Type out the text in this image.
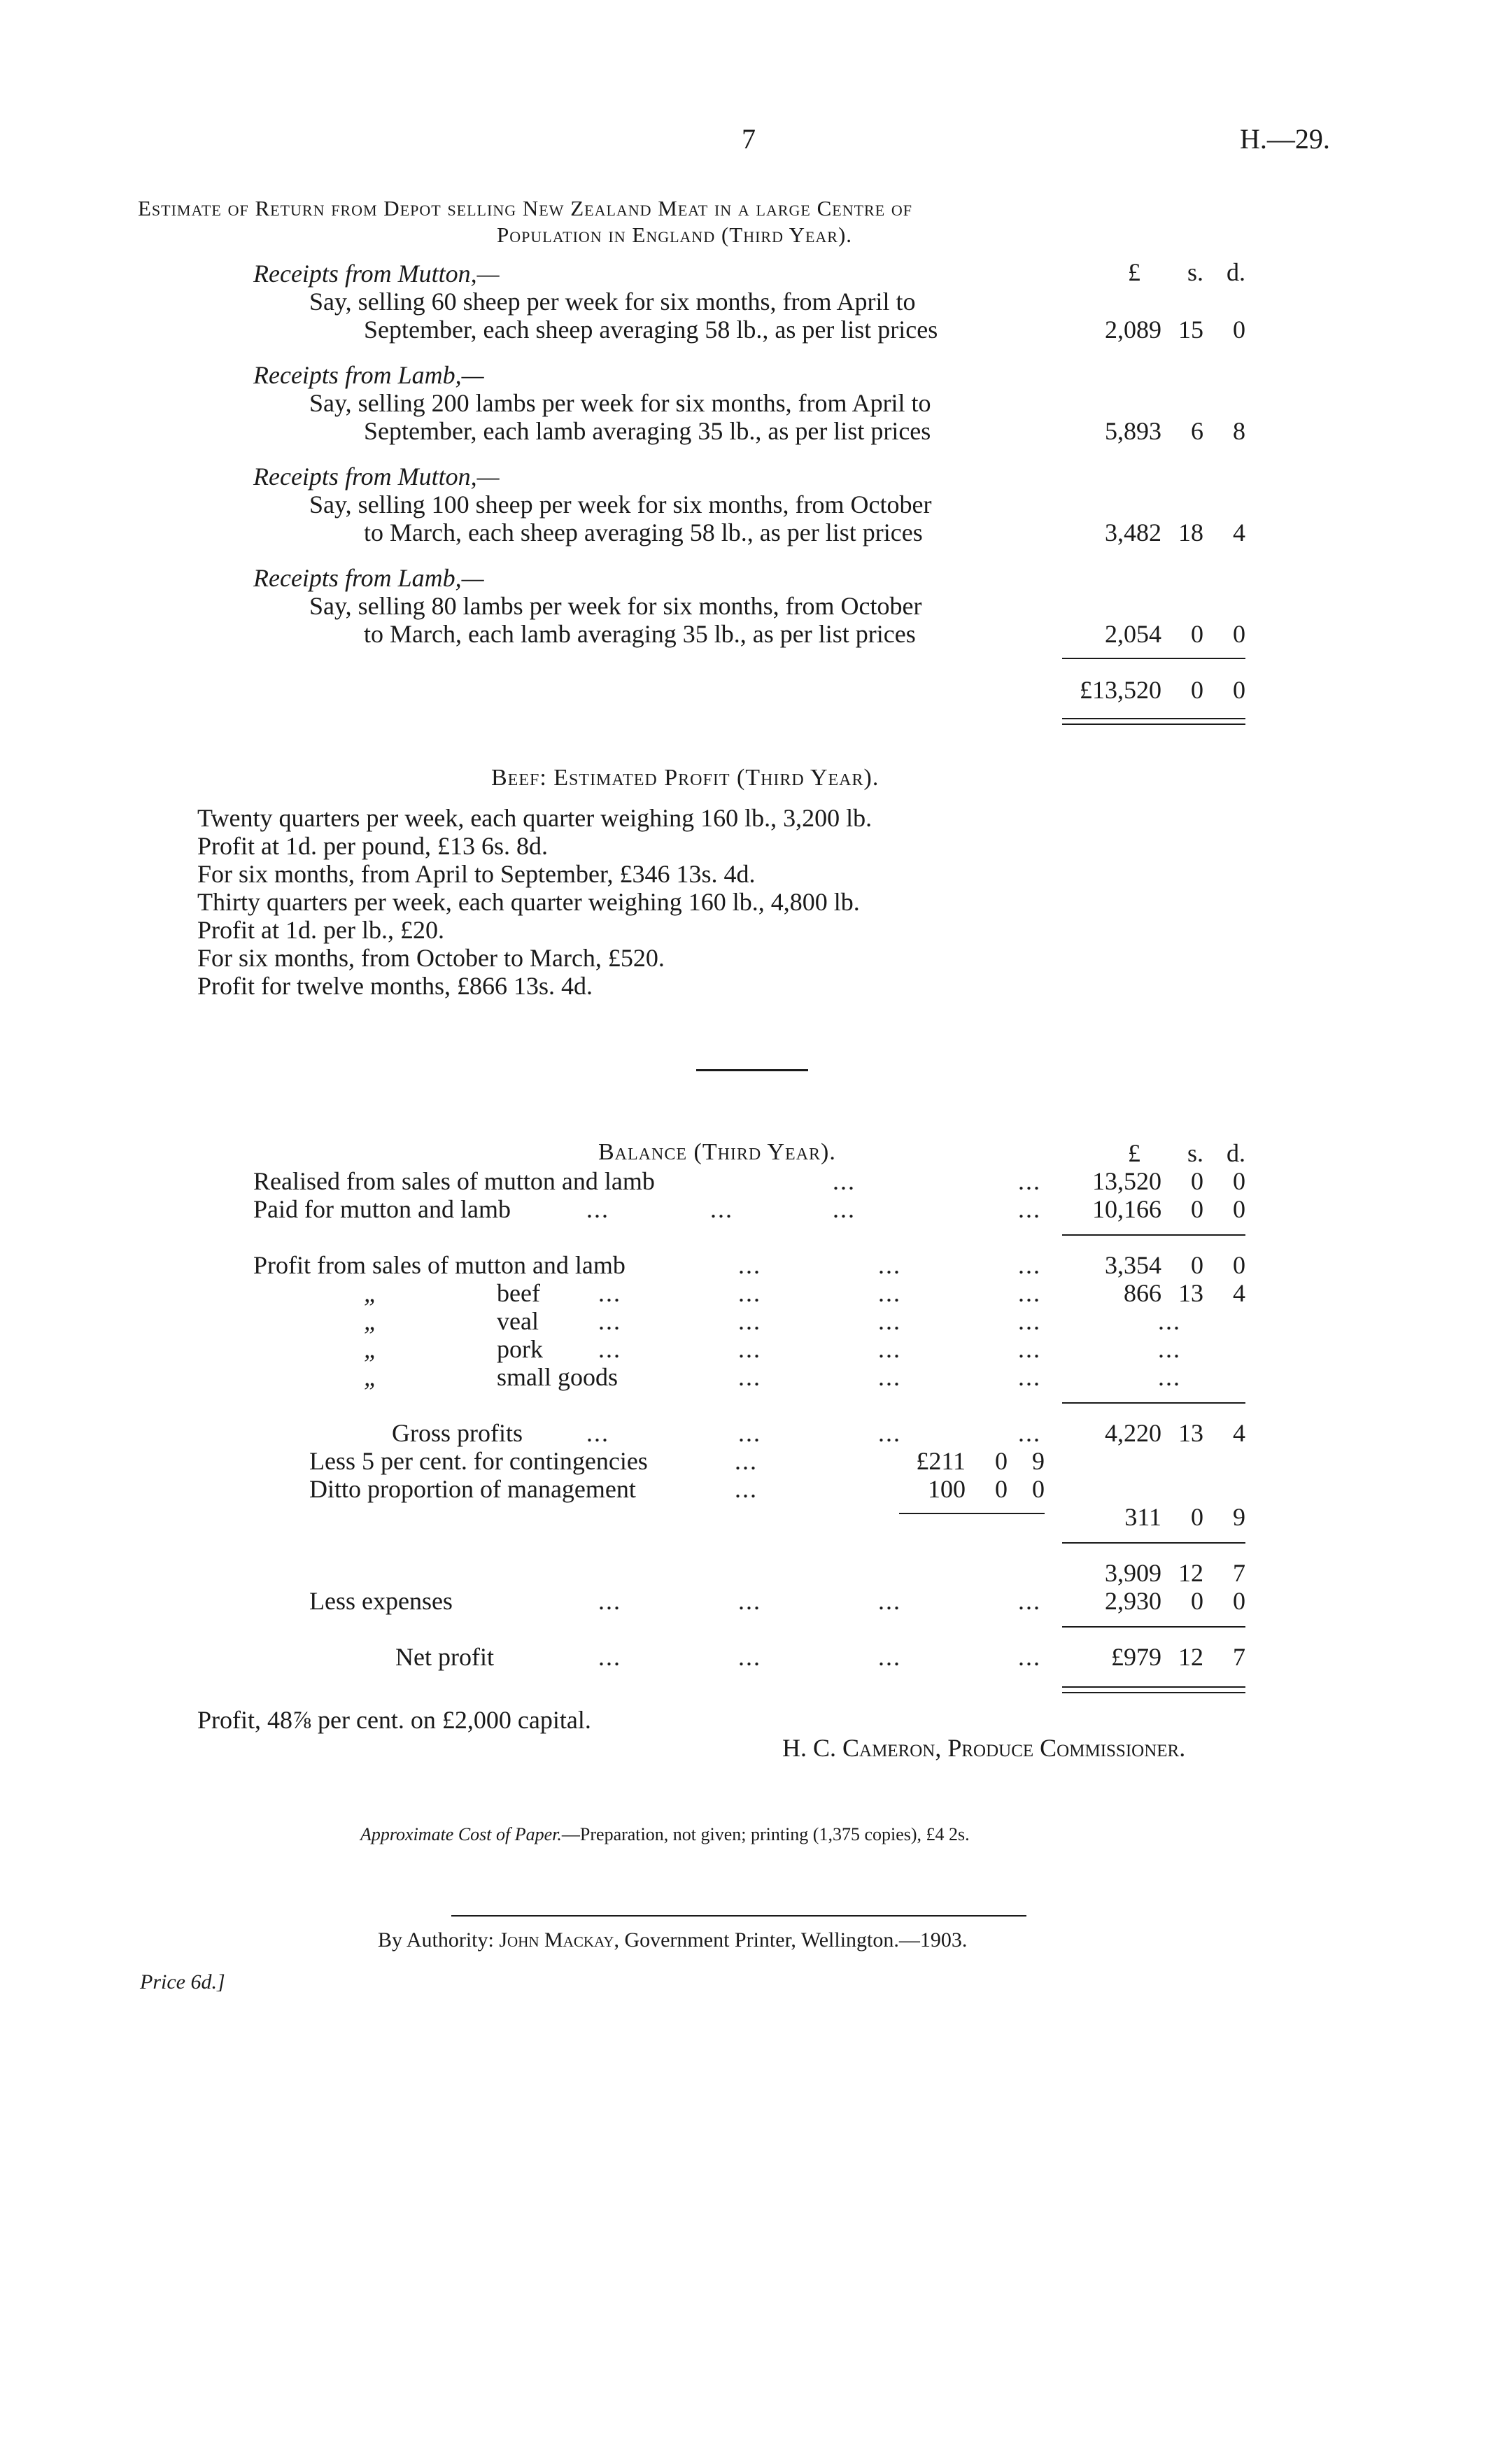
7	H.—29.
Estimate of Return from Depot selling New Zealand Meat in a large Centre of
Population in England (Third Year).
£	s. d.
Receipts from Mutton,—
Say, selling 60 sheep per week for six months, from April to
September, each sheep averaging 58 lb., as per list prices	2,089 15	0
Receipts from Lamb,—
Say, selling 200 lambs per week for six months, from April to
September, each lamb averaging 35 lb., as per list prices	5,893	6	8
Receipts from Mutton,—
Say, selling 100 sheep per week for six months, from October
to March, each sheep averaging 58 lb., as per list prices	3,482 18	4
Receipts from Lamb,—
Say, selling 80 lambs per week for six months, from October
to March, each lamb averaging 35 lb., as per list prices	2,054	0	0
£13,520	0	0
Beef: Estimated Profit (Third Year).
Twenty quarters per week, each quarter weighing 160 lb., 3,200 lb.
Profit at 1d. per pound, £13 6s. 8d.
For six months, from April to September, £346 13s. 4d.
Thirty quarters per week, each quarter weighing 160 lb., 4,800 lb.
Profit at 1d. per lb., £20.
For six months, from October to March, £520.
Profit for twelve months, £866 13s. 4d.
Balance (Third Year).	£	s. d.
Realised from sales of mutton and lamb	...	...	13,520	0	0
Paid for mutton and lamb	...	...	...	...	10,166	0	0
Profit from sales of mutton and lamb	...	...	...	3,354	0	0
„	beef ...	...	...	...	866 13	4
„	veal ...	...	...	...	...
„	pork ...	...	...	...	...
„	small goods	...	...	...	...
Gross profits	...	...	...	...	4,220 13	4
Less 5 per cent. for contingencies	...	£211	0 9
Ditto proportion of management	...	100	0 0
311	0	9
3,909 12	7
Less expenses	...	...	...	...	2,930	0	0
Net profit	...	...	...	...	£979 12	7
Profit, 48⅞ per cent. on £2,000 capital.
H. C. Cameron, Produce Commissioner.
Approximate Cost of Paper.—Preparation, not given; printing (1,375 copies), £4 2s.
By Authority: John Mackay, Government Printer, Wellington.—1903.
Price 6d.]
